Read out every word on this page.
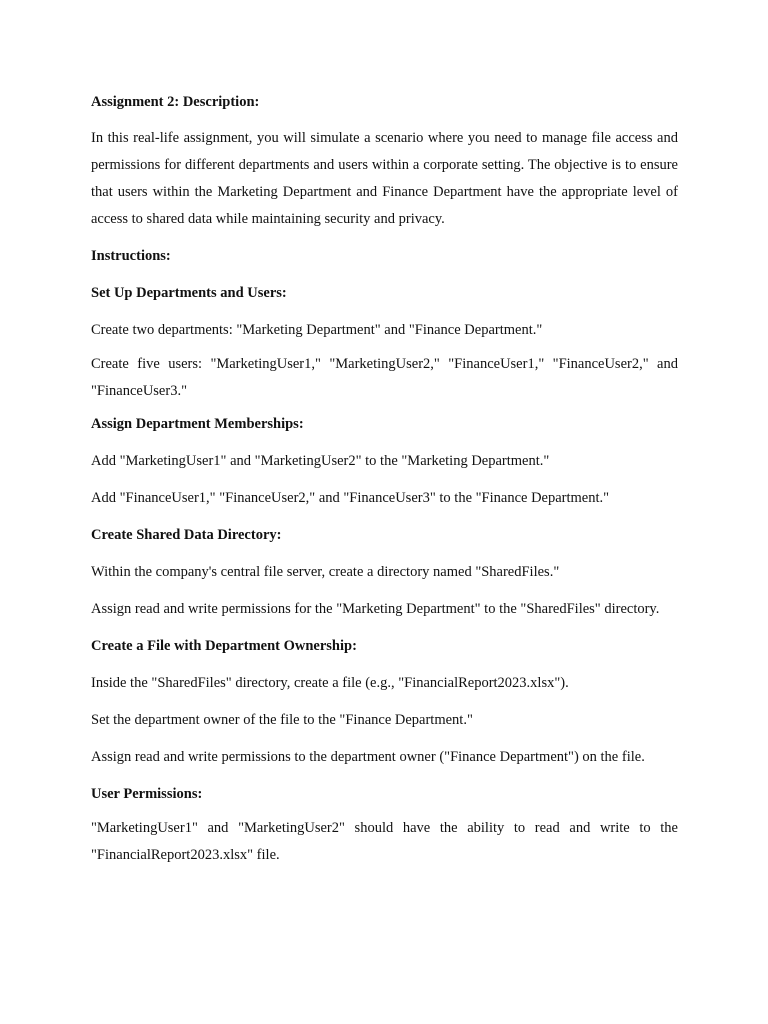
Assignment 2: Description:

In this real-life assignment, you will simulate a scenario where you need to manage file access and permissions for different departments and users within a corporate setting. The objective is to ensure that users within the Marketing Department and Finance Department have the appropriate level of access to shared data while maintaining security and privacy.

Instructions:
Set Up Departments and Users:

Create two departments: "Marketing Department" and "Finance Department."

Create five users: "MarketingUser1," "MarketingUser2," "FinanceUser1," "FinanceUser2," and "FinanceUser3."

Assign Department Memberships:

Add "MarketingUser1" and "MarketingUser2" to the "Marketing Department."

Add "FinanceUser1," "FinanceUser2," and "FinanceUser3" to the "Finance Department."

Create Shared Data Directory:

Within the company's central file server, create a directory named "SharedFiles."

Assign read and write permissions for the "Marketing Department" to the "SharedFiles" directory.

Create a File with Department Ownership:

Inside the "SharedFiles" directory, create a file (e.g., "FinancialReport2023.xlsx").

Set the department owner of the file to the "Finance Department."

Assign read and write permissions to the department owner ("Finance Department") on the file.

User Permissions:

"MarketingUser1" and "MarketingUser2" should have the ability to read and write to the "FinancialReport2023.xlsx" file.
